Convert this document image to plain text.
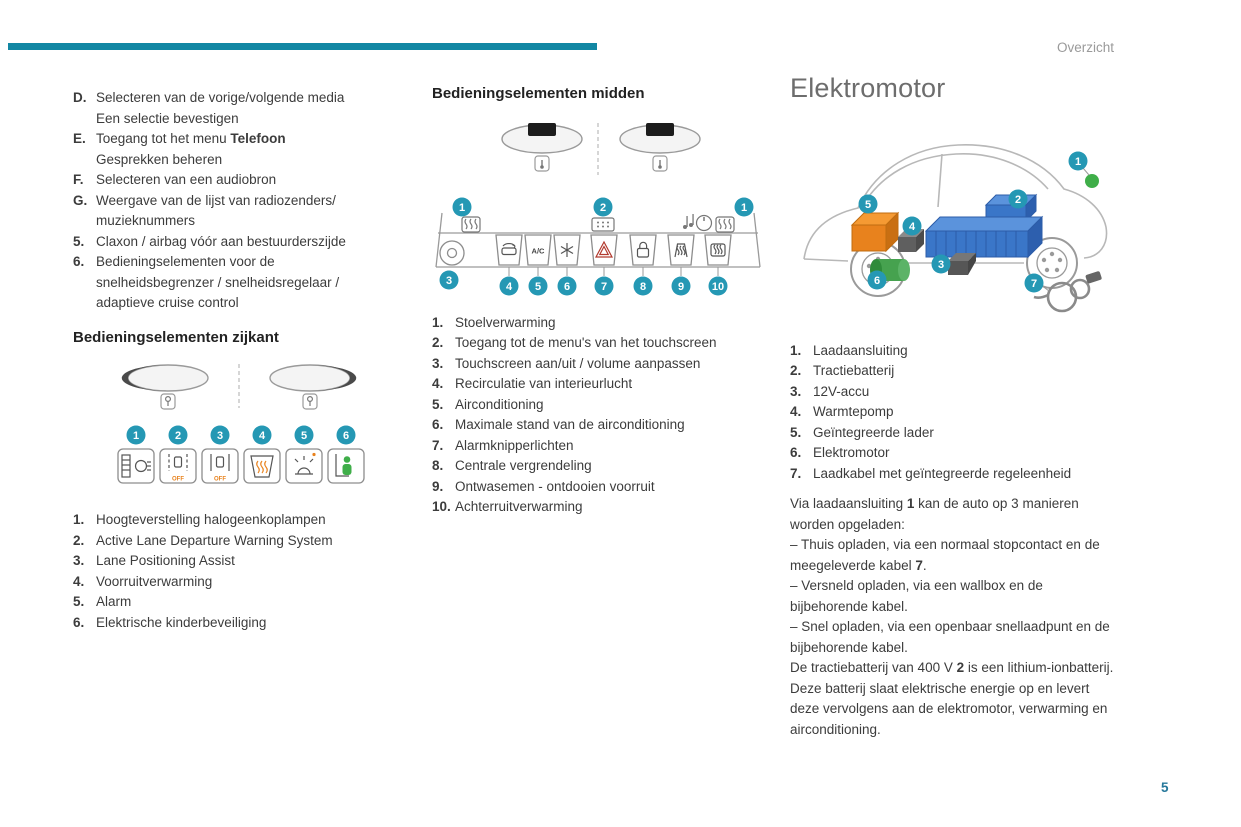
Overzicht
D. Selecteren van de vorige/volgende media
Een selectie bevestigen
E. Toegang tot het menu Telefoon
Gesprekken beheren
F. Selecteren van een audiobron
G. Weergave van de lijst van radiozenders/
muzieknummers
5. Claxon / airbag vóór aan bestuurderszijde
6. Bedieningselementen voor de
snelheidsbegrenzer / snelheidsregelaar /
adaptieve cruise control
Bedieningselementen zijkant
1	2
OFF
3
OFF
4	5	6
1. Hoogteverstelling halogeenkoplampen
2. Active Lane Departure Warning System
3. Lane Positioning Assist
4. Voorruitverwarming
5. Alarm
6. Elektrische kinderbeveiliging
Bedieningselementen midden
A/C
1	2	1
3	4 5 6	7	8	9	10
1. Stoelverwarming
2. Toegang tot de menu's van het touchscreen
3. Touchscreen aan/uit / volume aanpassen
4. Recirculatie van interieurlucht
5. Airconditioning
6. Maximale stand van de airconditioning
7. Alarmknipperlichten
8. Centrale vergrendeling
9. Ontwasemen - ontdooien voorruit
10. Achterruitverwarming
Elektromotor
1
2
3
4
5
6	7
1. Laadaansluiting
2. Tractiebatterij
3. 12V-accu
4. Warmtepomp
5. Geïntegreerde lader
6. Elektromotor
7. Laadkabel met geïntegreerde regeleenheid

Via laadaansluiting 1 kan de auto op 3 manieren worden opgeladen:
– Thuis opladen, via een normaal stopcontact en de meegeleverde kabel 7.
– Versneld opladen, via een wallbox en de bijbehorende kabel.
– Snel opladen, via een openbaar snellaadpunt en de bijbehorende kabel.
De tractiebatterij van 400 V 2 is een lithium-ionbatterij. Deze batterij slaat elektrische energie op en levert deze vervolgens aan de elektromotor, verwarming en airconditioning.

5
